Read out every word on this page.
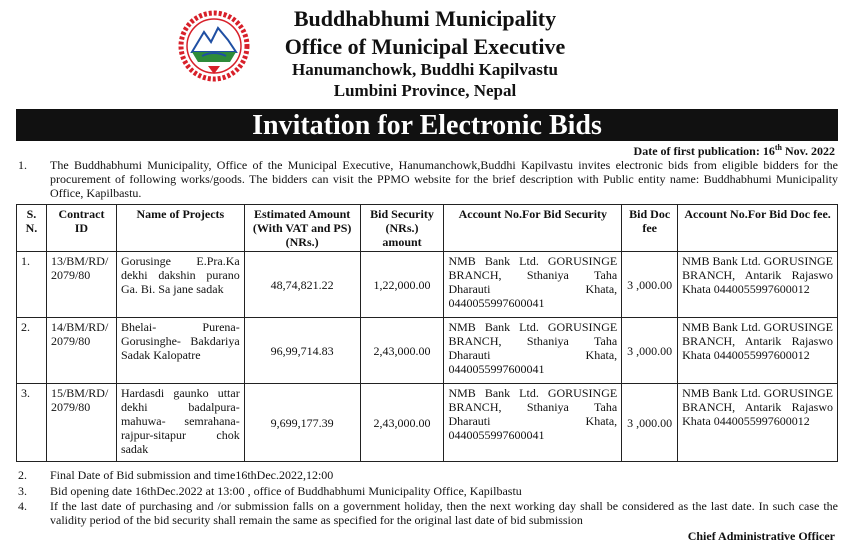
Buddhabhumi Municipality
Office of Municipal Executive
Hanumanchowk, Buddhi Kapilvastu
Lumbini Province, Nepal
Invitation for Electronic Bids
Date of first publication: 16th Nov. 2022
1. The Buddhabhumi Municipality, Office of the Municipal Executive, Hanumanchowk,Buddhi Kapilvastu invites electronic bids from eligible bidders for the procurement of following works/goods. The bidders can visit the PPMO website for the brief description with Public entity name: Buddhabhumi Municipality Office, Kapilbastu.
S. N.	Contract ID	Name of Projects	Estimated Amount (With VAT and PS) (NRs.)	Bid Security (NRs.) amount	Account No.For Bid Security	Bid Doc fee	Account No.For Bid Doc fee.
1.	13/BM/RD/ 2079/80	Gorusinge E.Pra.Ka dekhi dakshin purano Ga. Bi. Sa jane sadak	48,74,821.22	1,22,000.00	NMB Bank Ltd. GORUSINGE BRANCH, Sthaniya Taha Dharauti Khata, 0440055997600041	3 ,000.00	NMB Bank Ltd. GORUSINGE BRANCH, Antarik Rajaswo Khata 0440055997600012
2.	14/BM/RD/ 2079/80	Bhelai- Purena- Gorusinghe- Bakdariya Sadak Kalopatre	96,99,714.83	2,43,000.00	NMB Bank Ltd. GORUSINGE BRANCH, Sthaniya Taha Dharauti Khata, 0440055997600041	3 ,000.00	NMB Bank Ltd. GORUSINGE BRANCH, Antarik Rajaswo Khata 0440055997600012
3.	15/BM/RD/ 2079/80	Hardasdi gaunko uttar dekhi badalpura-mahuwa- semrahana-rajpur-sitapur chok sadak	9,699,177.39	2,43,000.00	NMB Bank Ltd. GORUSINGE BRANCH, Sthaniya Taha Dharauti Khata, 0440055997600041	3 ,000.00	NMB Bank Ltd. GORUSINGE BRANCH, Antarik Rajaswo Khata 0440055997600012
2. Final Date of Bid submission and time16thDec.2022,12:00
3. Bid opening date 16thDec.2022 at 13:00 , office of Buddhabhumi Municipality Office, Kapilbastu
4. If the last date of purchasing and /or submission falls on a government holiday, then the next working day shall be considered as the last date. In such case the validity period of the bid security shall remain the same as specified for the original last date of bid submission
Chief Administrative Officer
